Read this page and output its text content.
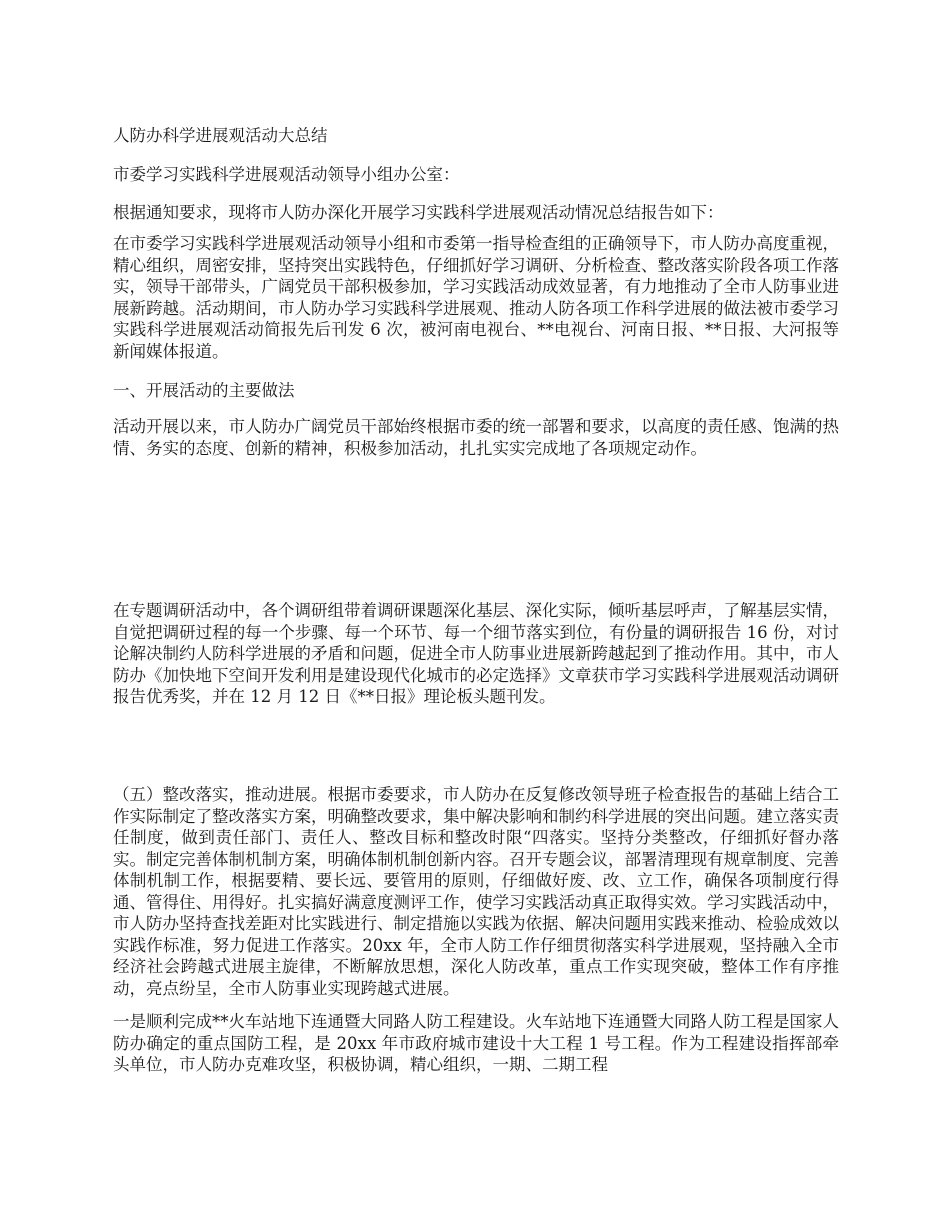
人防办科学进展观活动大总结

市委学习实践科学进展观活动领导小组办公室：

根据通知要求，现将市人防办深化开展学习实践科学进展观活动情况总结报告如下：

在市委学习实践科学进展观活动领导小组和市委第一指导检查组的正确领导下，市人防办高度重视，精心组织，周密安排，坚持突出实践特色，仔细抓好学习调研、分析检查、整改落实阶段各项工作落实，领导干部带头，广阔党员干部积极参加，学习实践活动成效显著，有力地推动了全市人防事业进展新跨越。活动期间，市人防办学习实践科学进展观、推动人防各项工作科学进展的做法被市委学习实践科学进展观活动简报先后刊发 6 次，被河南电视台、**电视台、河南日报、**日报、大河报等新闻媒体报道。

一、开展活动的主要做法

活动开展以来，市人防办广阔党员干部始终根据市委的统一部署和要求，以高度的责任感、饱满的热情、务实的态度、创新的精神，积极参加活动，扎扎实实完成地了各项规定动作。

在专题调研活动中，各个调研组带着调研课题深化基层、深化实际，倾听基层呼声，了解基层实情，自觉把调研过程的每一个步骤、每一个环节、每一个细节落实到位，有份量的调研报告 16 份，对讨论解决制约人防科学进展的矛盾和问题，促进全市人防事业进展新跨越起到了推动作用。其中，市人防办《加快地下空间开发利用是建设现代化城市的必定选择》文章获市学习实践科学进展观活动调研报告优秀奖，并在 12 月 12 日《**日报》理论板头题刊发。

（五）整改落实，推动进展。根据市委要求，市人防办在反复修改领导班子检查报告的基础上结合工作实际制定了整改落实方案，明确整改要求，集中解决影响和制约科学进展的突出问题。建立落实责任制度，做到责任部门、责任人、整改目标和整改时限“四落实。坚持分类整改，仔细抓好督办落实。制定完善体制机制方案，明确体制机制创新内容。召开专题会议，部署清理现有规章制度、完善体制机制工作，根据要精、要长远、要管用的原则，仔细做好废、改、立工作，确保各项制度行得通、管得住、用得好。扎实搞好满意度测评工作，使学习实践活动真正取得实效。学习实践活动中，市人防办坚持查找差距对比实践进行、制定措施以实践为依据、解决问题用实践来推动、检验成效以实践作标准，努力促进工作落实。20xx 年，全市人防工作仔细贯彻落实科学进展观，坚持融入全市经济社会跨越式进展主旋律，不断解放思想，深化人防改革，重点工作实现突破，整体工作有序推动，亮点纷呈，全市人防事业实现跨越式进展。

一是顺利完成**火车站地下连通暨大同路人防工程建设。火车站地下连通暨大同路人防工程是国家人防办确定的重点国防工程，是 20xx 年市政府城市建设十大工程 1 号工程。作为工程建设指挥部牵头单位，市人防办克难攻坚，积极协调，精心组织，一期、二期工程
